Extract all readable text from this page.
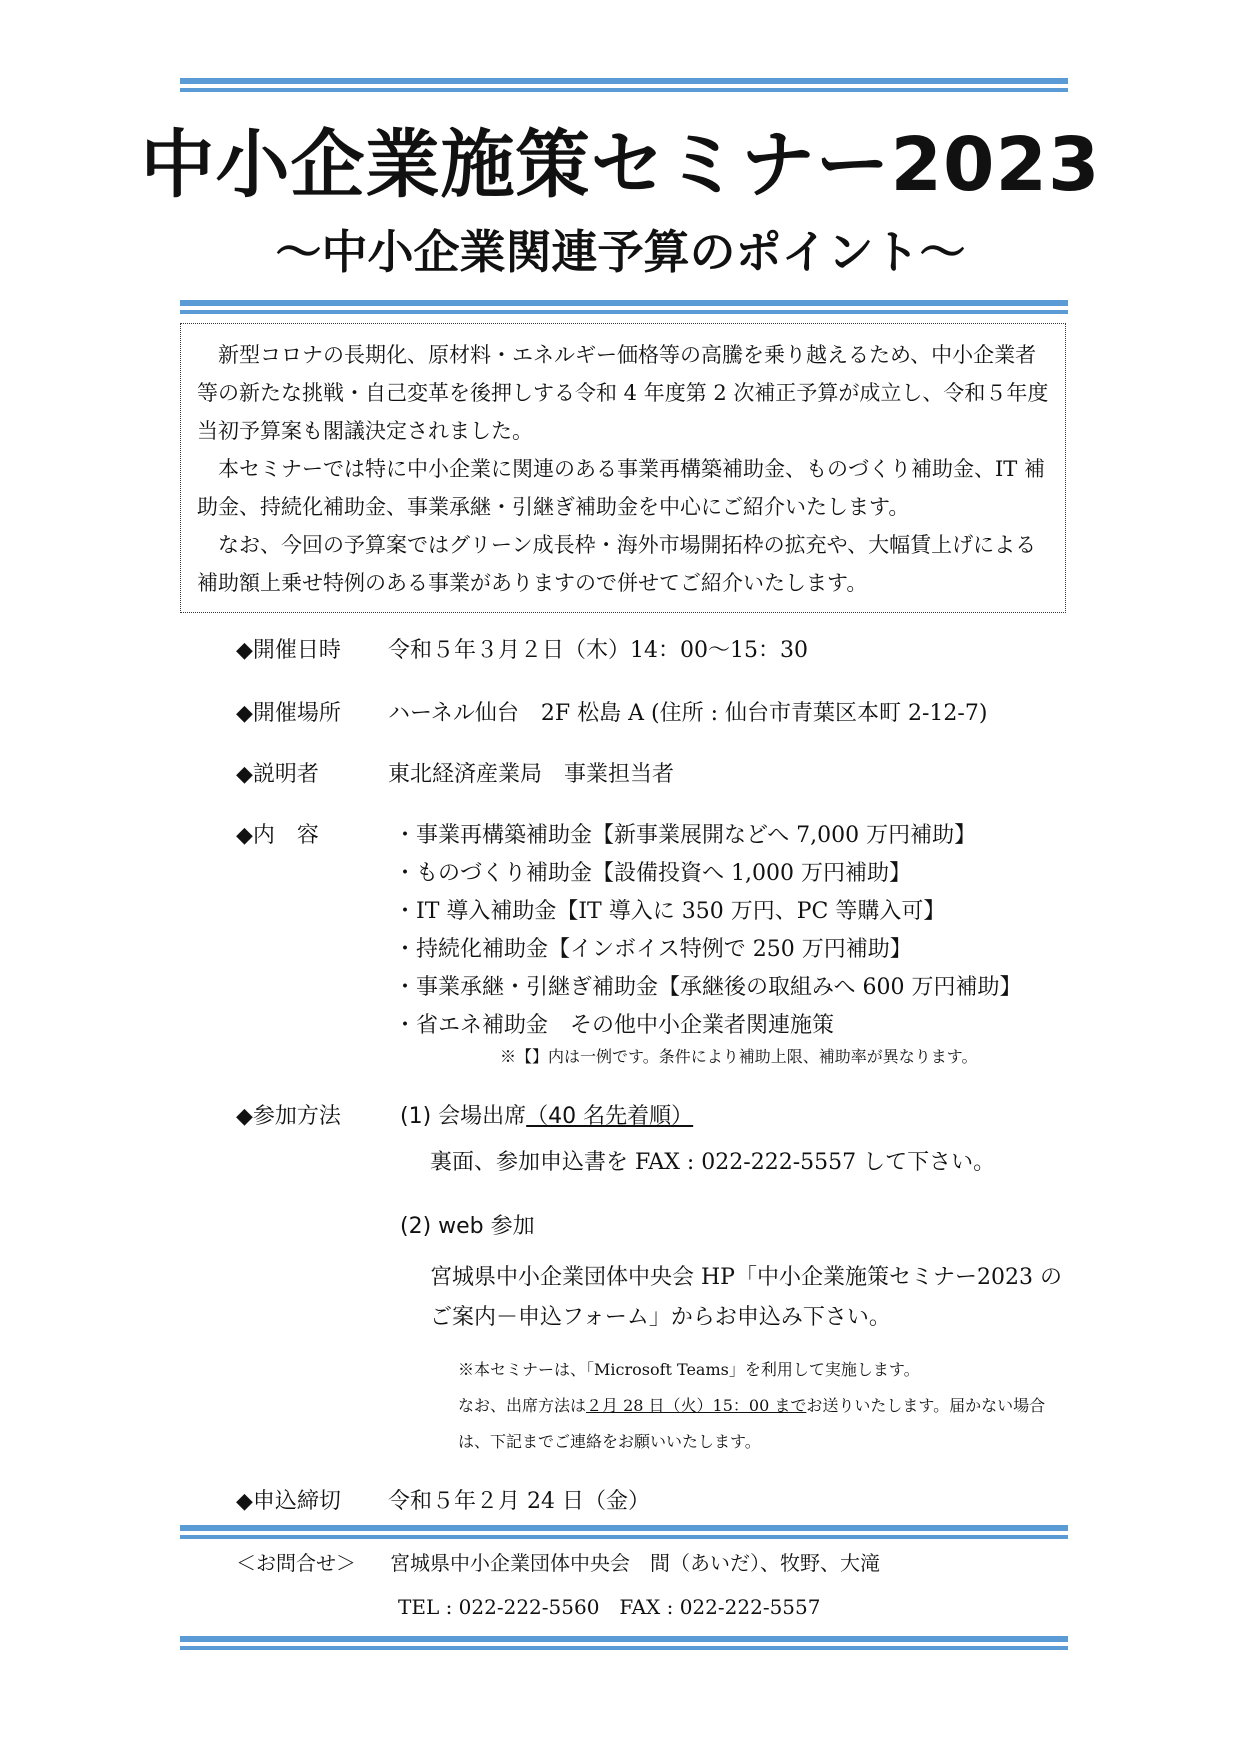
中小企業施策セミナー2023
～中小企業関連予算のポイント～

新型コロナの長期化、原材料・エネルギー価格等の高騰を乗り越えるため、中小企業者等の新たな挑戦・自己変革を後押しする令和 4 年度第 2 次補正予算が成立し、令和５年度当初予算案も閣議決定されました。

本セミナーでは特に中小企業に関連のある事業再構築補助金、ものづくり補助金、IT 補助金、持続化補助金、事業承継・引継ぎ補助金を中心にご紹介いたします。

なお、今回の予算案ではグリーン成長枠・海外市場開拓枠の拡充や、大幅賃上げによる補助額上乗せ特例のある事業がありますので併せてご紹介いたします。

◆開催日時 令和５年３月２日（木）14：00～15：30
◆開催場所 ハーネル仙台　2F 松島 A (住所 : 仙台市青葉区本町 2-12-7)
◆説明者	東北経済産業局　事業担当者
◆内　容	・事業再構築補助金【新事業展開などへ 7,000 万円補助】
・ものづくり補助金【設備投資へ 1,000 万円補助】
・IT 導入補助金【IT 導入に 350 万円、PC 等購入可】
・持続化補助金【インボイス特例で 250 万円補助】
・事業承継・引継ぎ補助金【承継後の取組みへ 600 万円補助】
・省エネ補助金　その他中小企業者関連施策
※【】内は一例です。条件により補助上限、補助率が異なります。
◆参加方法	(1) 会場出席（40 名先着順）
裏面、参加申込書を FAX : 022-222-5557 して下さい。
(2) web 参加
宮城県中小企業団体中央会 HP「中小企業施策セミナー2023 のご案内－申込フォーム」からお申込み下さい。
※本セミナーは、「Microsoft Teams」を利用して実施します。
なお、出席方法は２月 28 日（火）15：00 までお送りいたします。届かない場合は、下記までご連絡をお願いいたします。
◆申込締切 令和５年２月 24 日（金）
＜お問合せ＞ 宮城県中小企業団体中央会　間（あいだ）、牧野、大滝
TEL : 022-222-5560　FAX : 022-222-5557
